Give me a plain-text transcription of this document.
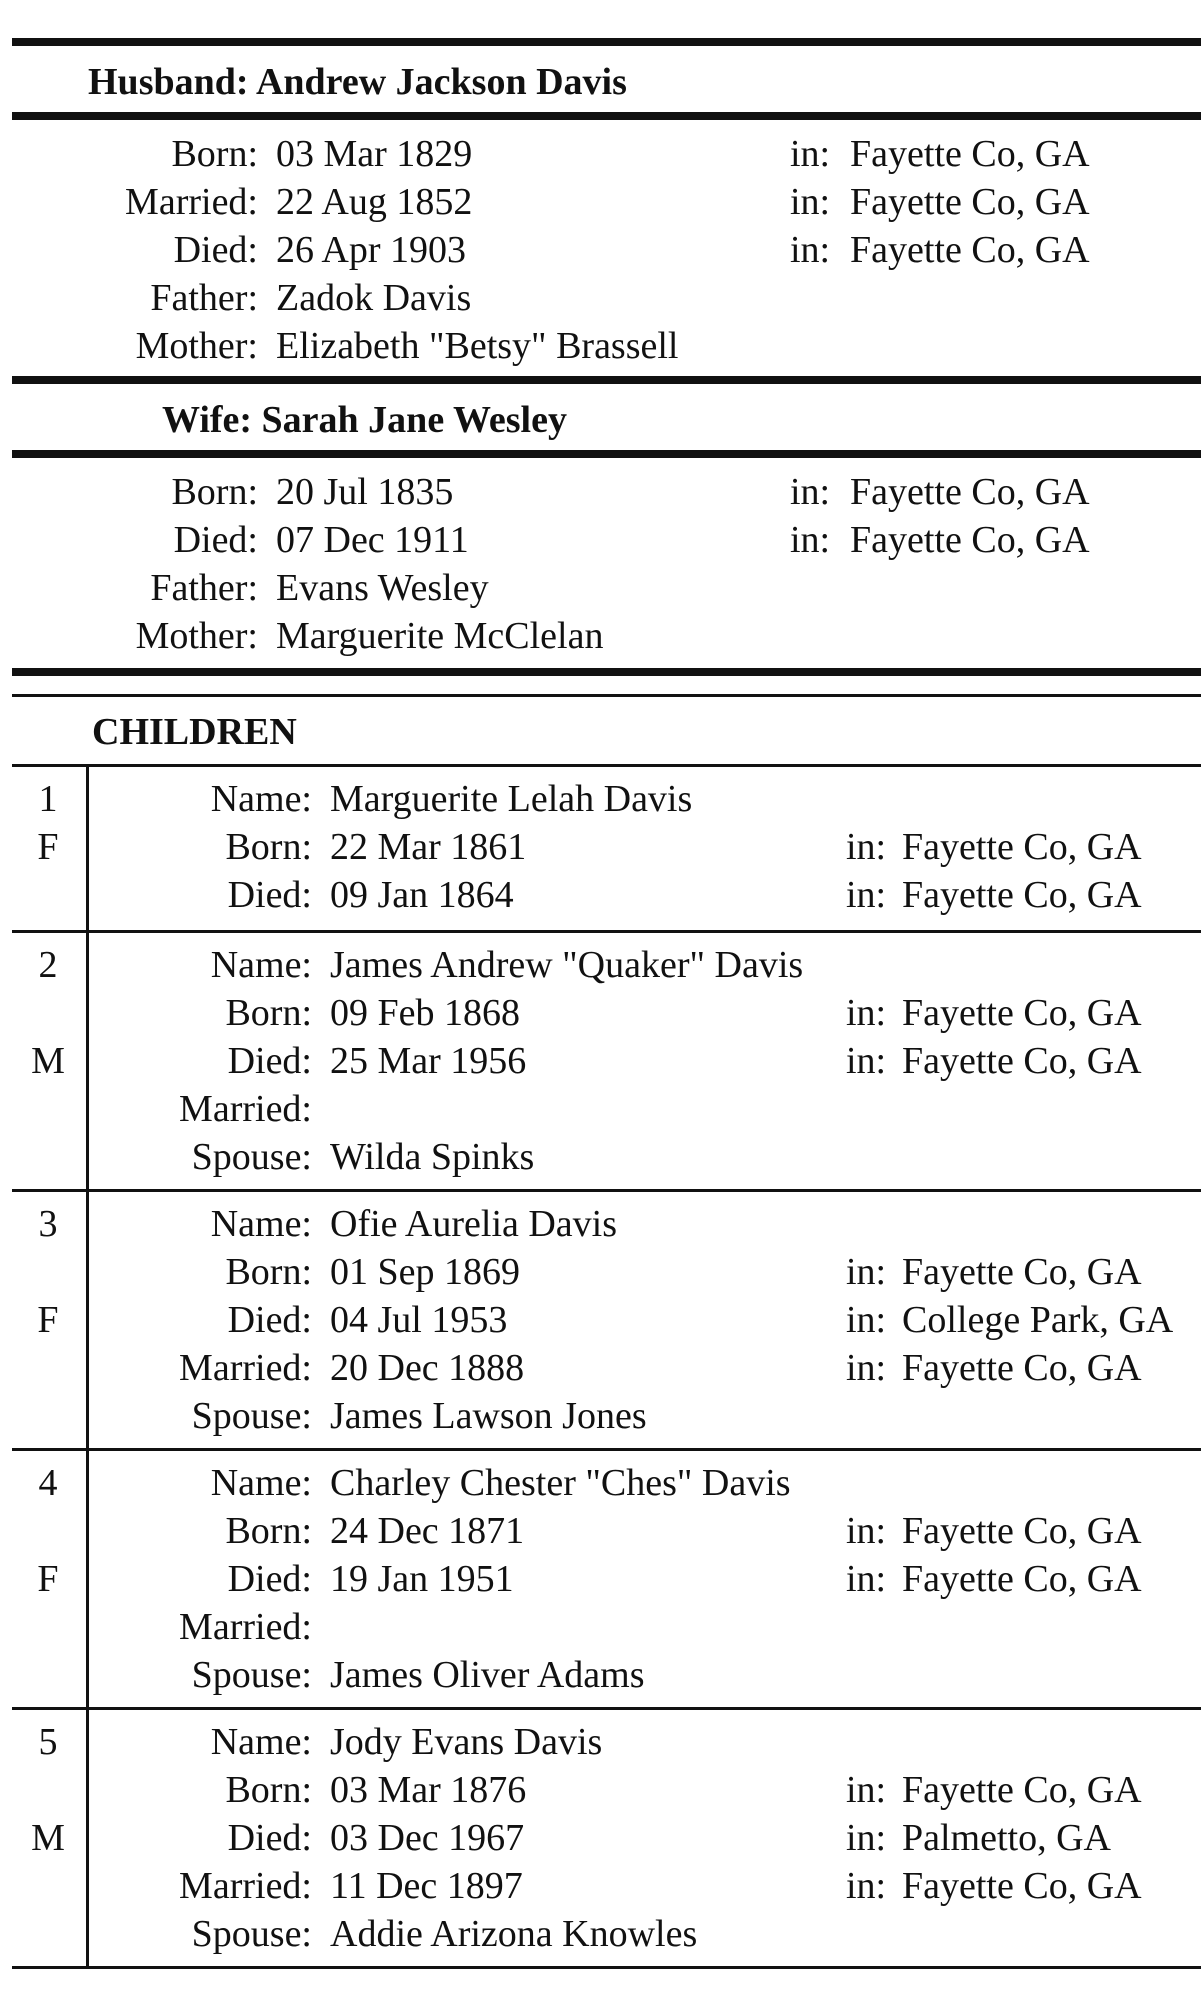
Husband: Andrew Jackson Davis
Born: 03 Mar 1829	in: Fayette Co, GA
Married: 22 Aug 1852	in: Fayette Co, GA
Died: 26 Apr 1903	in: Fayette Co, GA
Father: Zadok Davis
Mother: Elizabeth "Betsy" Brassell
Wife: Sarah Jane Wesley
Born: 20 Jul 1835	in: Fayette Co, GA
Died: 07 Dec 1911	in: Fayette Co, GA
Father: Evans Wesley
Mother: Marguerite McClelan
CHILDREN
1
F
Name: Marguerite Lelah Davis
Born: 22 Mar 1861	in: Fayette Co, GA
Died: 09 Jan 1864	in: Fayette Co, GA
2
M
Name: James Andrew "Quaker" Davis
Born: 09 Feb 1868	in: Fayette Co, GA
Died: 25 Mar 1956	in: Fayette Co, GA
Married:
Spouse: Wilda Spinks
3
F
Name: Ofie Aurelia Davis
Born: 01 Sep 1869	in: Fayette Co, GA
Died: 04 Jul 1953	in: College Park, GA
Married: 20 Dec 1888	in: Fayette Co, GA
Spouse: James Lawson Jones
4
F
Name: Charley Chester "Ches" Davis
Born: 24 Dec 1871	in: Fayette Co, GA
Died: 19 Jan 1951	in: Fayette Co, GA
Married:
Spouse: James Oliver Adams
5
M
Name: Jody Evans Davis
Born: 03 Mar 1876	in: Fayette Co, GA
Died: 03 Dec 1967	in: Palmetto, GA
Married: 11 Dec 1897	in: Fayette Co, GA
Spouse: Addie Arizona Knowles
